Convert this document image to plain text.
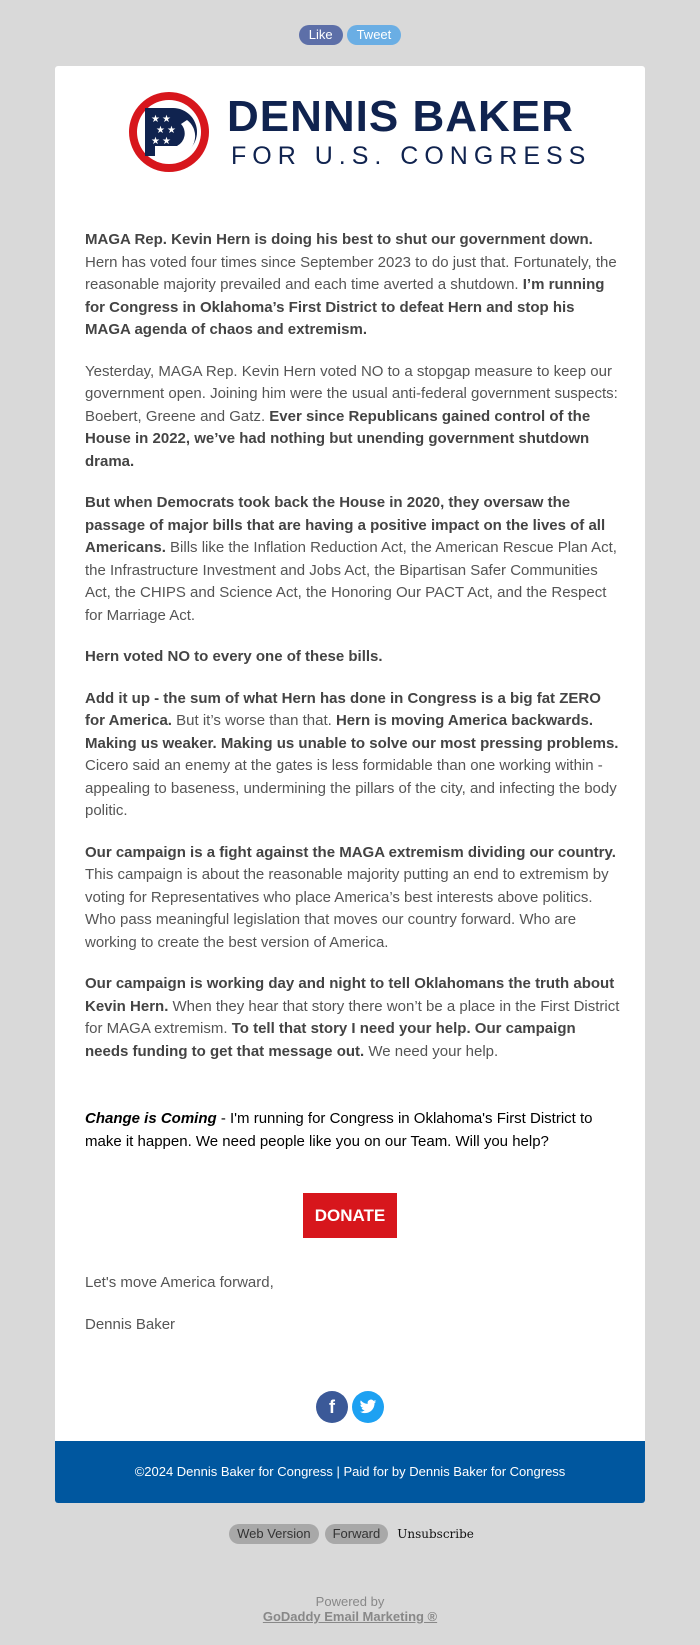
Like Tweet
★ ★
★ ★
★ ★
DENNIS BAKER
FOR U.S. CONGRESS

MAGA Rep. Kevin Hern is doing his best to shut our government down. Hern has voted four times since September 2023 to do just that. Fortunately, the reasonable majority prevailed and each time averted a shutdown. I’m running for Congress in Oklahoma’s First District to defeat Hern and stop his MAGA agenda of chaos and extremism.

Yesterday, MAGA Rep. Kevin Hern voted NO to a stopgap measure to keep our government open. Joining him were the usual anti-federal government suspects: Boebert, Greene and Gatz. Ever since Republicans gained control of the House in 2022, we’ve had nothing but unending government shutdown drama.

But when Democrats took back the House in 2020, they oversaw the passage of major bills that are having a positive impact on the lives of all Americans. Bills like the Inflation Reduction Act, the American Rescue Plan Act, the Infrastructure Investment and Jobs Act, the Bipartisan Safer Communities Act, the CHIPS and Science Act, the Honoring Our PACT Act, and the Respect for Marriage Act.

Hern voted NO to every one of these bills.

Add it up - the sum of what Hern has done in Congress is a big fat ZERO for America. But it’s worse than that. Hern is moving America backwards. Making us weaker. Making us unable to solve our most pressing problems. Cicero said an enemy at the gates is less formidable than one working within - appealing to baseness, undermining the pillars of the city, and infecting the body politic.

Our campaign is a fight against the MAGA extremism dividing our country. This campaign is about the reasonable majority putting an end to extremism by voting for Representatives who place America’s best interests above politics. Who pass meaningful legislation that moves our country forward. Who are working to create the best version of America.

Our campaign is working day and night to tell Oklahomans the truth about Kevin Hern. When they hear that story there won’t be a place in the First District for MAGA extremism. To tell that story I need your help. Our campaign needs funding to get that message out. We need your help.

Change is Coming - I'm running for Congress in Oklahoma's First District to make it happen. We need people like you on our Team. Will you help?

DONATE
Let's move America forward,
Dennis Baker
f
©2024 Dennis Baker for Congress | Paid for by Dennis Baker for Congress
Web Version Forward Unsubscribe
Powered by
GoDaddy Email Marketing ®
